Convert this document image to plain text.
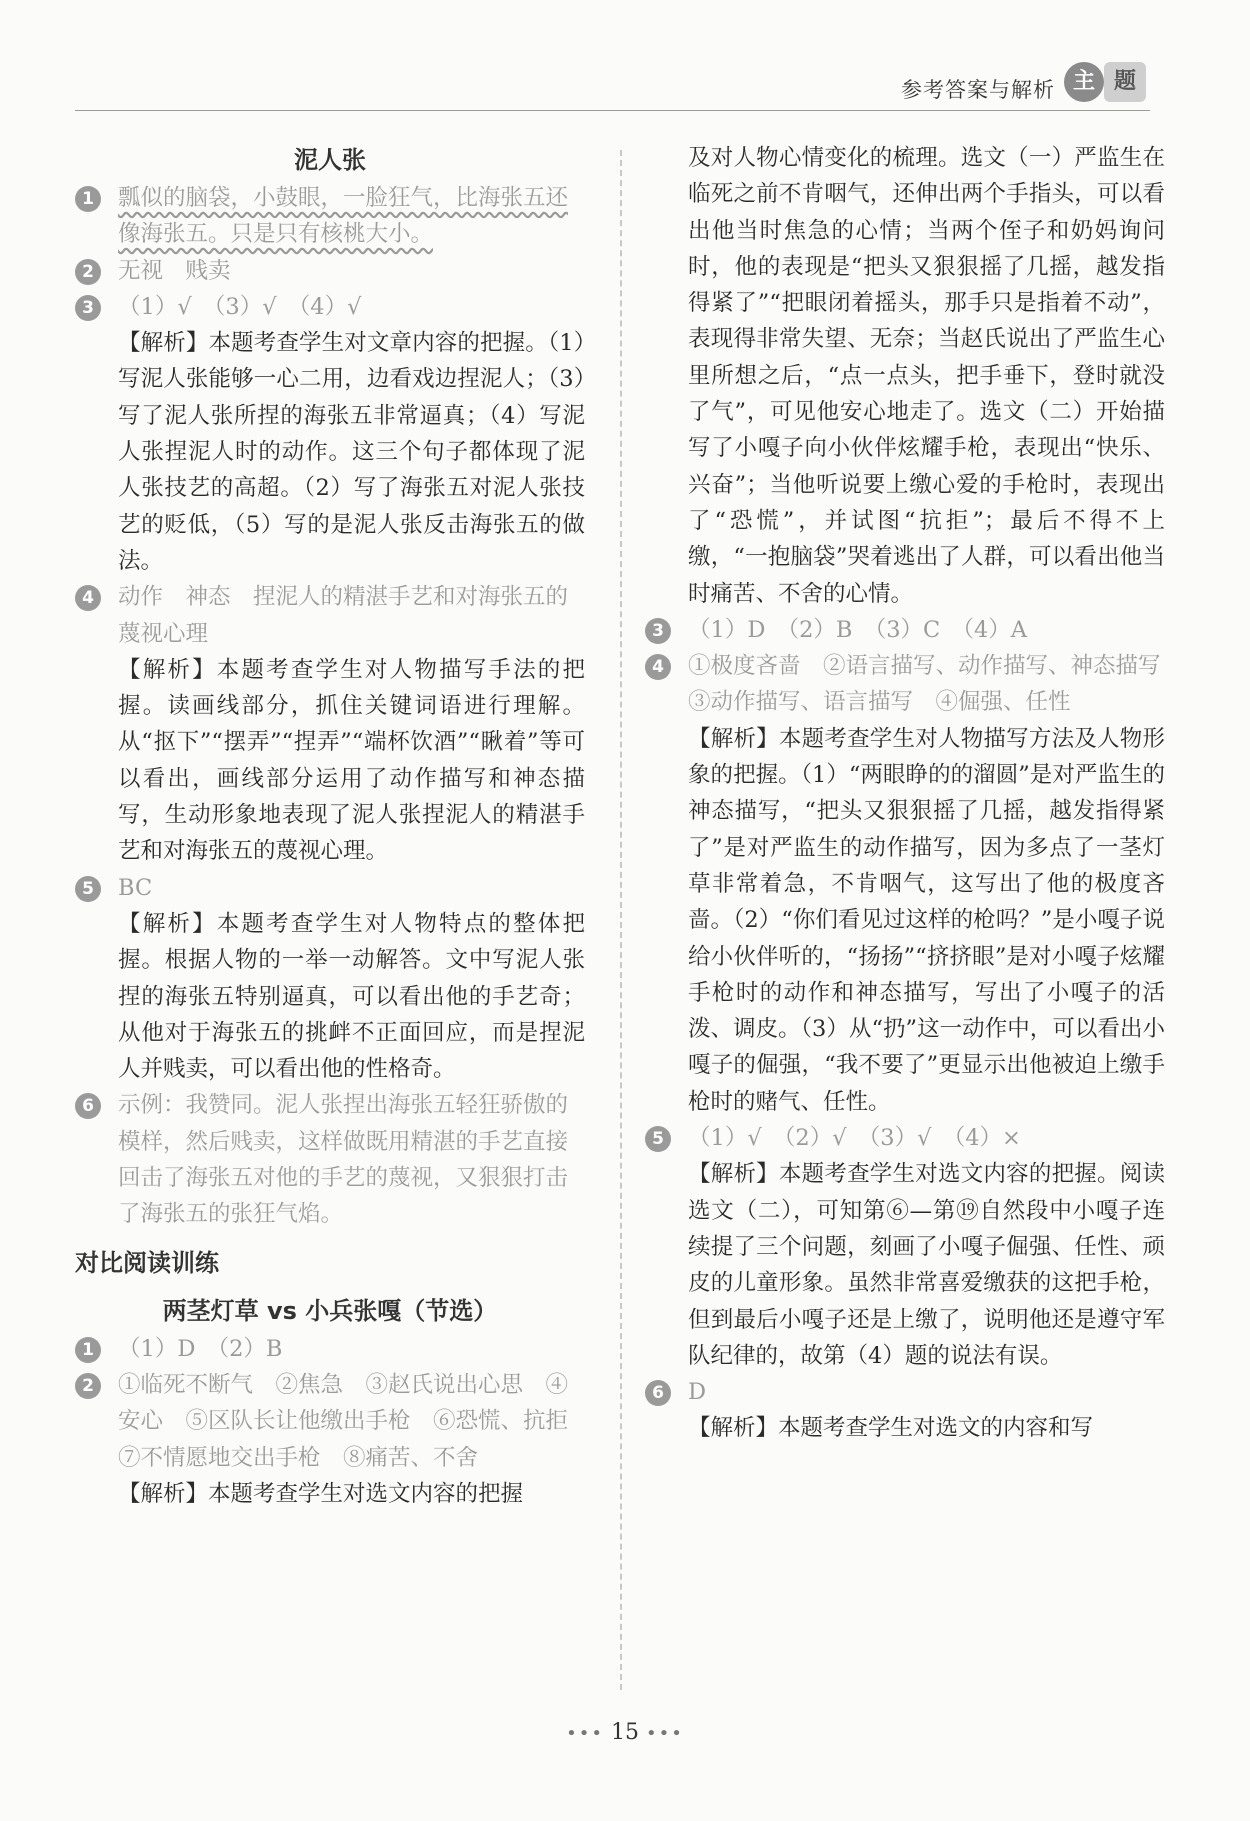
参考答案与解析 主 题
泥人张
1	瓢似的脑袋，小鼓眼，一脸狂气，比海张五还像海张五。只是只有核桃大小。
2	无视　贱卖
3	（1）√　（3）√　（4）√
【解析】本题考查学生对文章内容的把握。（1）写泥人张能够一心二用，边看戏边捏泥人；（3）写了泥人张所捏的海张五非常逼真；（4）写泥人张捏泥人时的动作。这三个句子都体现了泥人张技艺的高超。（2）写了海张五对泥人张技艺的贬低，（5）写的是泥人张反击海张五的做法。
4	动作　神态　捏泥人的精湛手艺和对海张五的蔑视心理
【解析】本题考查学生对人物描写手法的把握。读画线部分，抓住关键词语进行理解。从“抠下”“摆弄”“捏弄”“端杯饮酒”“瞅着”等可以看出，画线部分运用了动作描写和神态描写，生动形象地表现了泥人张捏泥人的精湛手艺和对海张五的蔑视心理。
5	BC
【解析】本题考查学生对人物特点的整体把握。根据人物的一举一动解答。文中写泥人张捏的海张五特别逼真，可以看出他的手艺奇；从他对于海张五的挑衅不正面回应，而是捏泥人并贱卖，可以看出他的性格奇。
6	示例：我赞同。泥人张捏出海张五轻狂骄傲的模样，然后贱卖，这样做既用精湛的手艺直接回击了海张五对他的手艺的蔑视，又狠狠打击了海张五的张狂气焰。
对比阅读训练
两茎灯草 vs 小兵张嘎（节选）
1	（1）D　（2）B
2	①临死不断气　②焦急　③赵氏说出心思　④安心　⑤区队长让他缴出手枪　⑥恐慌、抗拒　⑦不情愿地交出手枪　⑧痛苦、不舍
【解析】本题考查学生对选文内容的把握
及对人物心情变化的梳理。选文（一）严监生在临死之前不肯咽气，还伸出两个手指头，可以看出他当时焦急的心情；当两个侄子和奶妈询问时，他的表现是“把头又狠狠摇了几摇，越发指得紧了”“把眼闭着摇头，那手只是指着不动”，表现得非常失望、无奈；当赵氏说出了严监生心里所想之后，“点一点头，把手垂下，登时就没了气”，可见他安心地走了。选文（二）开始描写了小嘎子向小伙伴炫耀手枪，表现出“快乐、兴奋”；当他听说要上缴心爱的手枪时，表现出了“恐慌”，并试图“抗拒”；最后不得不上缴，“一抱脑袋”哭着逃出了人群，可以看出他当时痛苦、不舍的心情。
3	（1）D　（2）B　（3）C　（4）A
4	①极度吝啬　②语言描写、动作描写、神态描写　③动作描写、语言描写　④倔强、任性
【解析】本题考查学生对人物描写方法及人物形象的把握。（1）“两眼睁的的溜圆”是对严监生的神态描写，“把头又狠狠摇了几摇，越发指得紧了”是对严监生的动作描写，因为多点了一茎灯草非常着急，不肯咽气，这写出了他的极度吝啬。（2）“你们看见过这样的枪吗？”是小嘎子说给小伙伴听的，“扬扬”“挤挤眼”是对小嘎子炫耀手枪时的动作和神态描写，写出了小嘎子的活泼、调皮。（3）从“扔”这一动作中，可以看出小嘎子的倔强，“我不要了”更显示出他被迫上缴手枪时的赌气、任性。
5	（1）√　（2）√　（3）√　（4）×
【解析】本题考查学生对选文内容的把握。阅读选文（二），可知第⑥—第⑲自然段中小嘎子连续提了三个问题，刻画了小嘎子倔强、任性、顽皮的儿童形象。虽然非常喜爱缴获的这把手枪，但到最后小嘎子还是上缴了，说明他还是遵守军队纪律的，故第（4）题的说法有误。
6	D
【解析】本题考查学生对选文的内容和写
••• 15 •••
